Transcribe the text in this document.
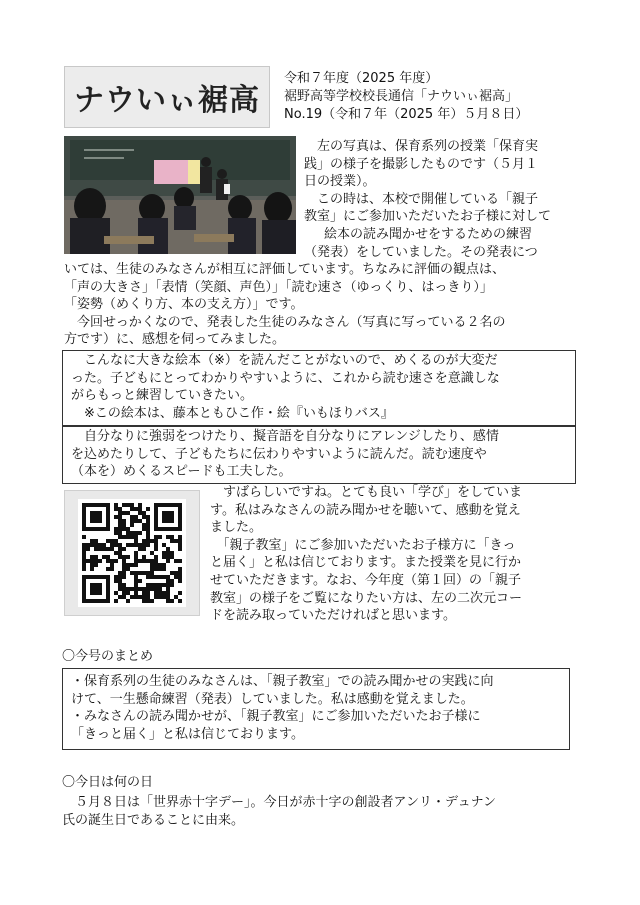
ナウいぃ裾高
令和７年度（2025 年度）
裾野高等学校校長通信「ナウいぃ裾高」
No.19（令和７年（2025 年）５月８日）
　左の写真は、保育系列の授業「保育実
践」の様子を撮影したものです（５月１
日の授業）。
　この時は、本校で開催している「親子
教室」にご参加いただいたお子様に対して
絵本の読み聞かせをするための練習
（発表）をしていました。その発表につ
いては、生徒のみなさんが相互に評価しています。ちなみに評価の観点は、
「声の大きさ」「表情（笑顔、声色）」「読む速さ（ゆっくり、はっきり）」
「姿勢（めくり方、本の支え方）」です。
　今回せっかくなので、発表した生徒のみなさん（写真に写っている２名の
方です）に、感想を伺ってみました。
　こんなに大きな絵本（※）を読んだことがないので、めくるのが大変だ
った。子どもにとってわかりやすいように、これから読む速さを意識しな
がらもっと練習していきたい。
　※この絵本は、藤本ともひこ作・絵『いもほりバス』
　自分なりに強弱をつけたり、擬音語を自分なりにアレンジしたり、感情
を込めたりして、子どもたちに伝わりやすいように読んだ。読む速度や
（本を）めくるスピードも工夫した。
　すばらしいですね。とても良い「学び」をしていま
す。私はみなさんの読み聞かせを聴いて、感動を覚え
ました。
　「親子教室」にご参加いただいたお子様方に「きっ
と届く」と私は信じております。また授業を見に行か
せていただきます。なお、今年度（第１回）の「親子
教室」の様子をご覧になりたい方は、左の二次元コー
ドを読み取っていただければと思います。
〇今号のまとめ
・保育系列の生徒のみなさんは、「親子教室」での読み聞かせの実践に向
けて、一生懸命練習（発表）していました。私は感動を覚えました。
・みなさんの読み聞かせが、「親子教室」にご参加いただいたお子様に
「きっと届く」と私は信じております。
〇今日は何の日
　５月８日は「世界赤十字デー」。今日が赤十字の創設者アンリ・デュナン
氏の誕生日であることに由来。
